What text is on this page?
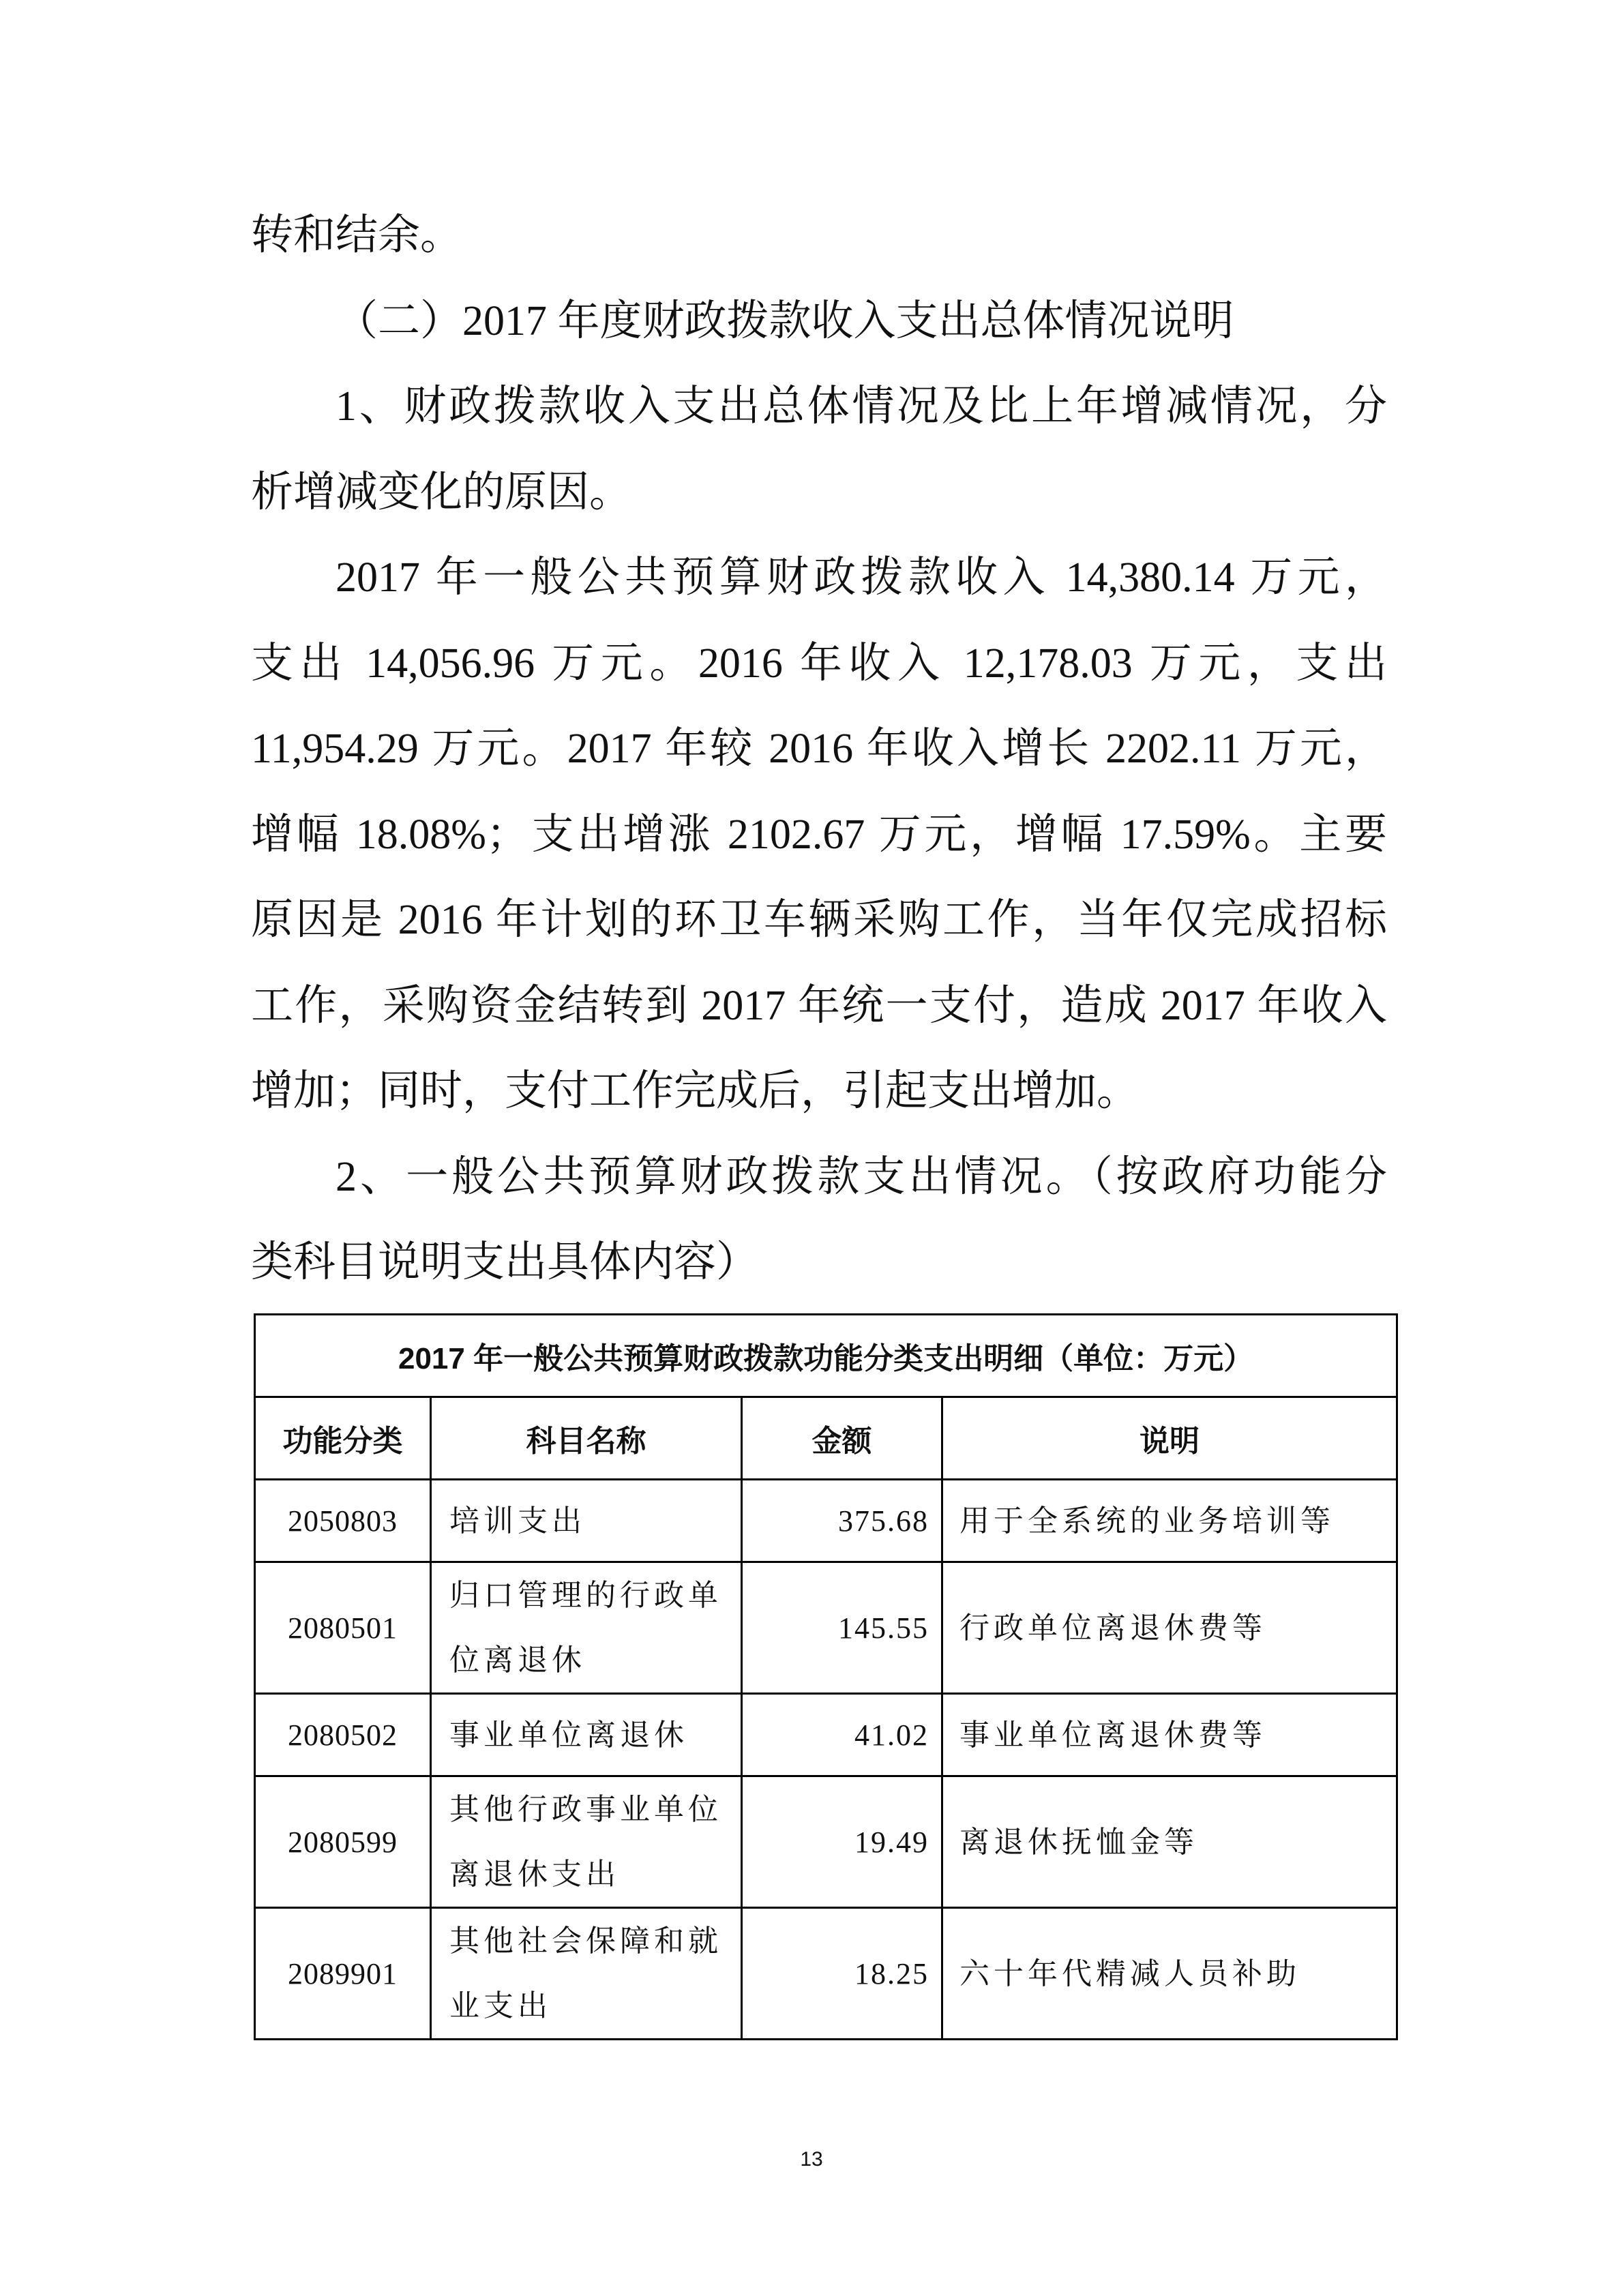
转和结余。
（二）2017 年度财政拨款收入支出总体情况说明
1、财政拨款收入支出总体情况及比上年增减情况，分
析增减变化的原因。
2017 年一般公共预算财政拨款收入 14,380.14 万元，
支出 14,056.96 万元。2016 年收入 12,178.03 万元，支出
11,954.29 万元。2017 年较 2016 年收入增长 2202.11 万元，
增幅 18.08%；支出增涨 2102.67 万元，增幅 17.59%。主要
原因是 2016 年计划的环卫车辆采购工作，当年仅完成招标
工作，采购资金结转到 2017 年统一支付，造成 2017 年收入
增加；同时，支付工作完成后，引起支出增加。
2、一般公共预算财政拨款支出情况。（按政府功能分
类科目说明支出具体内容）
2017 年一般公共预算财政拨款功能分类支出明细（单位：万元）			
功能分类	科目名称	金额	说明
2050803	培训支出	375.68	用于全系统的业务培训等
2080501	归口管理的行政单位离退休	145.55	行政单位离退休费等
2080502	事业单位离退休	41.02	事业单位离退休费等
2080599	其他行政事业单位离退休支出	19.49	离退休抚恤金等
2089901	其他社会保障和就业支出	18.25	六十年代精减人员补助
13
